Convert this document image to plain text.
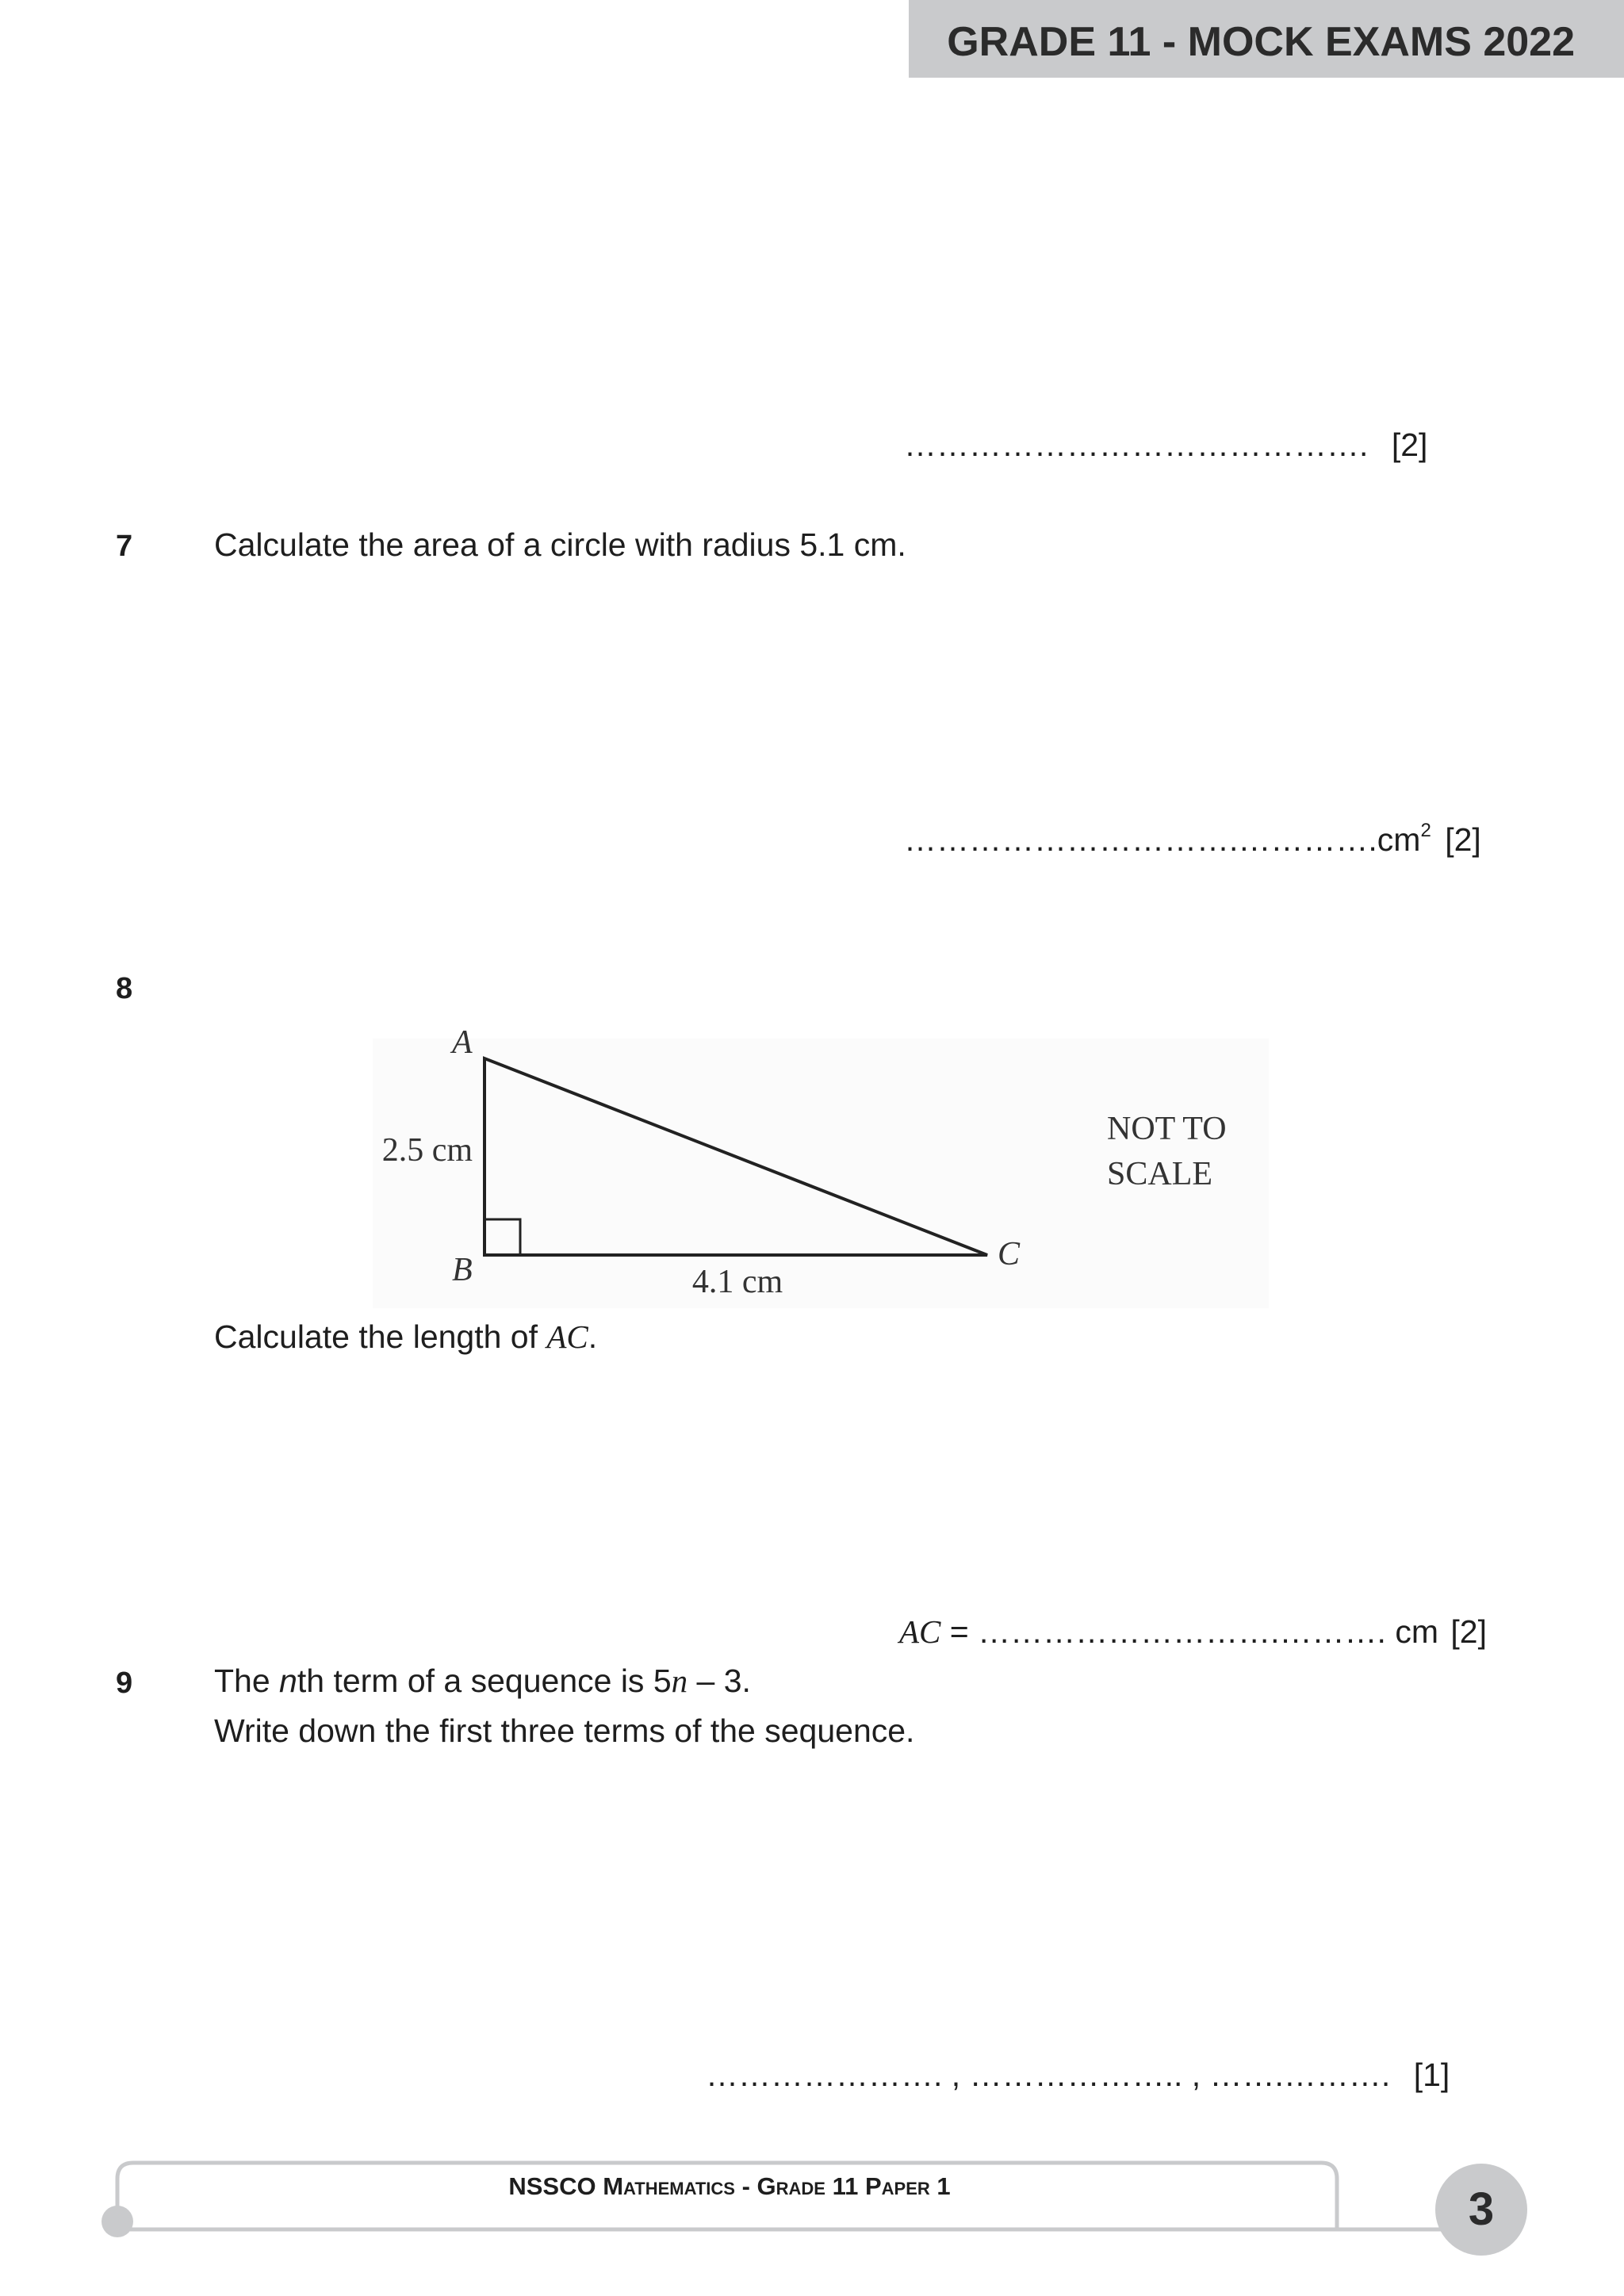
GRADE 11 - MOCK EXAMS 2022
……………………………………. [2]
7	Calculate the area of a circle with radius 5.1 cm.
$\dots\dots\dots\dots\dots\dots\dots\dots\dots\dots.\dots\dots\dots\dots.cm^2$ [2]
8
A
B	C
2.5 cm
4.1 cm
NOT TO
SCALE
Calculate the length of AC.
AC = ……………………….………. cm [2]
9	The nth term of a sequence is 5n – 3.
Write down the first three terms of the sequence.
…………………. , ……………….. , …….………. [1]
NSSCO Mathematics - Grade 11 Paper 1	3
